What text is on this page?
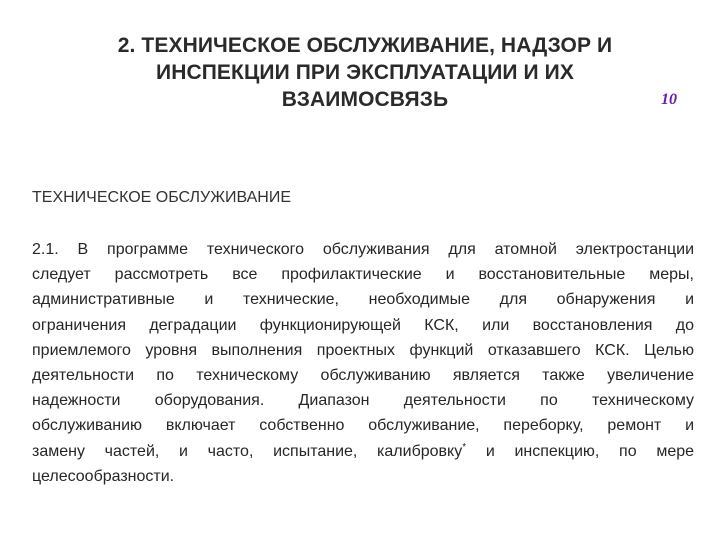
2. ТЕХНИЧЕСКОЕ ОБСЛУЖИВАНИЕ, НАДЗОР И
ИНСПЕКЦИИ ПРИ ЭКСПЛУАТАЦИИ И ИХ
ВЗАИМОСВЯЗЬ	10
ТЕХНИЧЕСКОЕ ОБСЛУЖИВАНИЕ
2.1. В программе технического обслуживания для атомной электростанции
следует рассмотреть все профилактические и восстановительные меры,
административные и технические, необходимые для обнаружения и
ограничения деградации функционирующей КСК, или восстановления до
приемлемого уровня выполнения проектных функций отказавшего КСК. Целью
деятельности по техническому обслуживанию является также увеличение
надежности оборудования. Диапазон деятельности по техническому
обслуживанию включает собственно обслуживание, переборку, ремонт и
замену частей, и часто, испытание, калибровку* и инспекцию, по мере
целесообразности.
